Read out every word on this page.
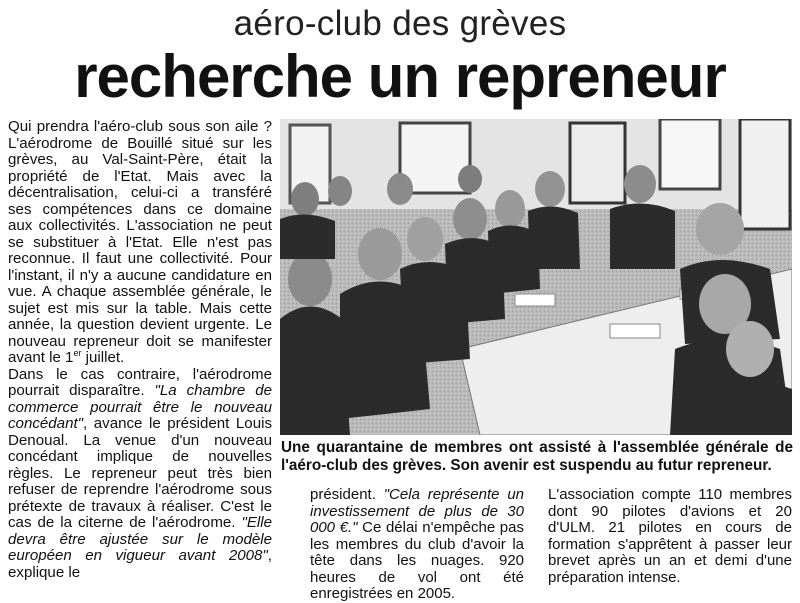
aéro-club des grèves
recherche un repreneur

Qui prendra l'aéro-club sous son aile ? L'aérodrome de Bouillé situé sur les grèves, au Val-Saint-Père, était la propriété de l'Etat. Mais avec la décentralisation, celui-ci a transféré ses compétences dans ce domaine aux collectivités. L'association ne peut se substituer à l'Etat. Elle n'est pas reconnue. Il faut une collectivité. Pour l'instant, il n'y a aucune candidature en vue. A chaque assemblée générale, le sujet est mis sur la table. Mais cette année, la question devient urgente. Le nouveau repreneur doit se manifester avant le 1er juillet.

Dans le cas contraire, l'aérodrome pourrait disparaître. "La chambre de commerce pourrait être le nouveau concédant", avance le président Louis Denoual. La venue d'un nouveau concédant implique de nouvelles règles. Le repreneur peut très bien refuser de reprendre l'aérodrome sous prétexte de travaux à réaliser. C'est le cas de la citerne de l'aérodrome. "Elle devra être ajustée sur le modèle européen en vigueur avant 2008", explique le

Une quarantaine de membres ont assisté à l'assemblée générale de l'aéro-club des grèves. Son avenir est suspendu au futur repreneur.

président. "Cela représente un investissement de plus de 30 000 €." Ce délai n'empêche pas les membres du club d'avoir la tête dans les nuages. 920 heures de vol ont été enregistrées en 2005.

L'association compte 110 membres dont 90 pilotes d'avions et 20 d'ULM. 21 pilotes en cours de formation s'apprêtent à passer leur brevet après un an et demi d'une préparation intense.
